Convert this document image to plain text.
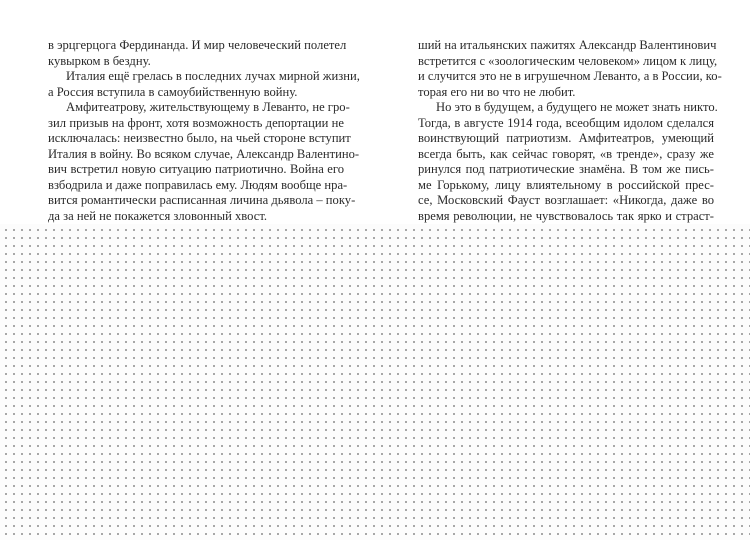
в эрцгерцога Фердинанда. И мир человеческий полетел
кувырком в бездну.

Италия ещё грелась в последних лучах мирной жизни,
а Россия вступила в самоубийственную войну.

Амфитеатрову, жительствующему в Леванто, не гро-
зил призыв на фронт, хотя возможность депортации не
исключалась: неизвестно было, на чьей стороне вступит
Италия в войну. Во всяком случае, Александр Валентино-
вич встретил новую ситуацию патриотично. Война его
взбодрила и даже поправилась ему. Людям вообще нра-
вится романтически расписанная личина дьявола – поку-
да за ней не покажется зловонный хвост.

ший на итальянских пажитях Александр Валентинович
встретится с «зоологическим человеком» лицом к лицу,
и случится это не в игрушечном Леванто, а в России, ко-
торая его ни во что не любит.

Но это в будущем, а будущего не может знать никто.
Тогда, в августе 1914 года, всеобщим идолом сделался
воинствующий патриотизм. Амфитеатров, умеющий
всегда быть, как сейчас говорят, «в тренде», сразу же
ринулся под патриотические знамёна. В том же пись-
ме Горькому, лицу влиятельному в российской прес-
се, Московский Фауст возглашает: «Никогда, даже во
время революции, не чувствовалось так ярко и страст-
